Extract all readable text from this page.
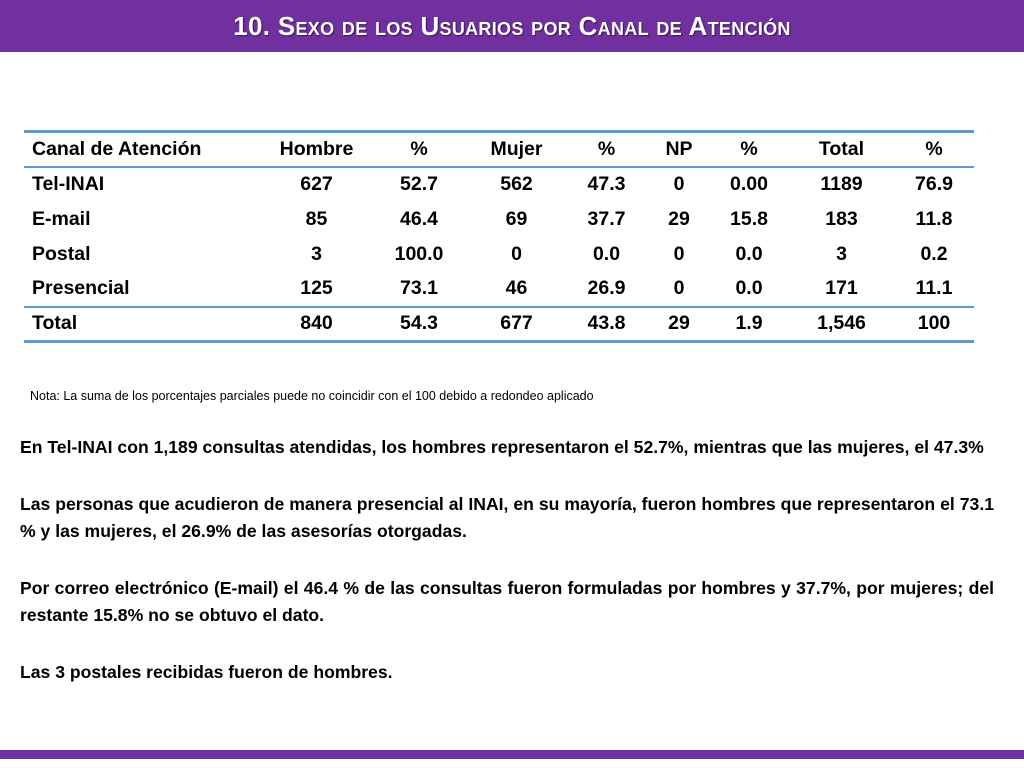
10. Sexo de los Usuarios por Canal de Atención
Canal de Atención	Hombre	%	Mujer	%	NP	%	Total	%
Tel-INAI	627	52.7	562	47.3	0	0.00	1189	76.9
E-mail	85	46.4	69	37.7	29	15.8	183	11.8
Postal	3	100.0	0	0.0	0	0.0	3	0.2
Presencial	125	73.1	46	26.9	0	0.0	171	11.1
Total	840	54.3	677	43.8	29	1.9	1,546	100
Nota: La suma de los porcentajes parciales puede no coincidir con el 100 debido a redondeo aplicado

En Tel-INAI con 1,189 consultas atendidas, los hombres representaron el 52.7%, mientras que las mujeres, el 47.3%

Las personas que acudieron de manera presencial al INAI, en su mayoría, fueron hombres que representaron el 73.1 % y las mujeres, el 26.9% de las asesorías otorgadas.

Por correo electrónico (E-mail) el 46.4 % de las consultas fueron formuladas por hombres y 37.7%, por mujeres; del restante 15.8% no se obtuvo el dato.

Las 3 postales recibidas fueron de hombres.
